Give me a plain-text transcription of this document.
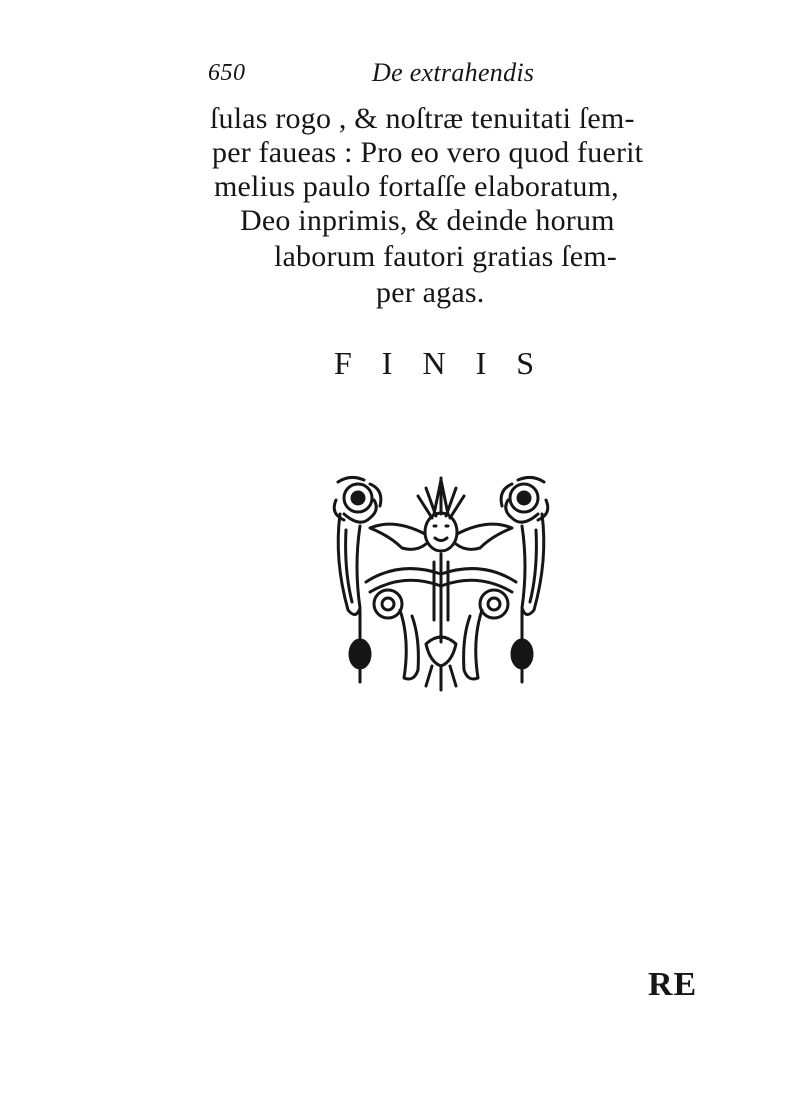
650	De extrahendis
ſulas rogo , & noſtræ tenuitati ſem-
per faueas : Pro eo vero quod fuerit
melius paulo fortaſſe elaboratum,
Deo inprimis, & deinde horum
laborum fautori gratias ſem-
per agas.
FINIS
RE
